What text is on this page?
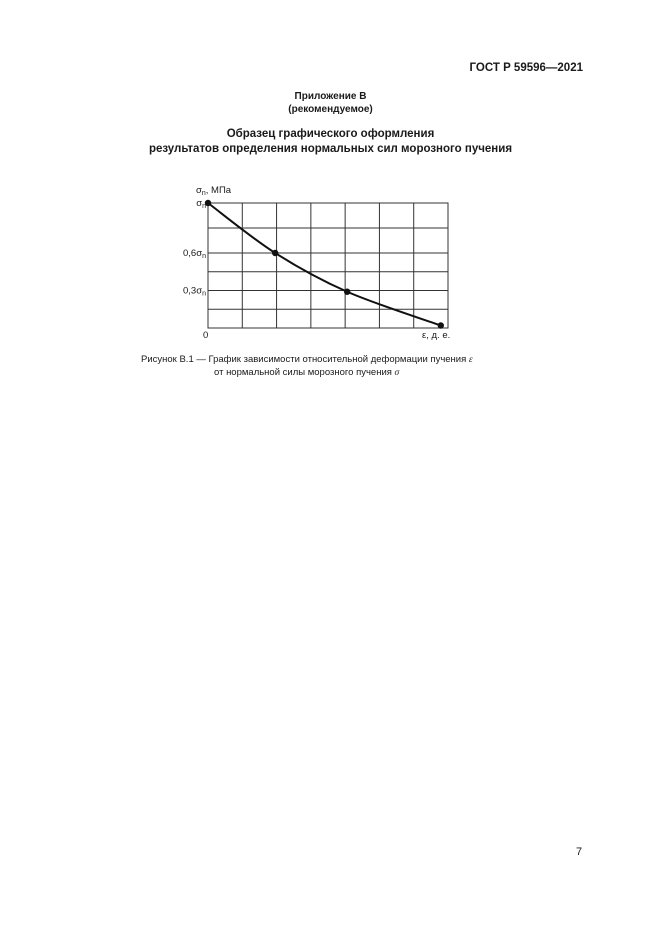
ГОСТ Р 59596—2021
Приложение В
(рекомендуемое)
Образец графического оформления
результатов определения нормальных сил морозного пучения
$\sigma_n$, МПа
$\sigma_n$
$0,6\sigma_n$
$0,3\sigma_n$
0	ε, д. е.
Рисунок В.1 — График зависимости относительной деформации пучения ε
от нормальной силы морозного пучения σ
7
